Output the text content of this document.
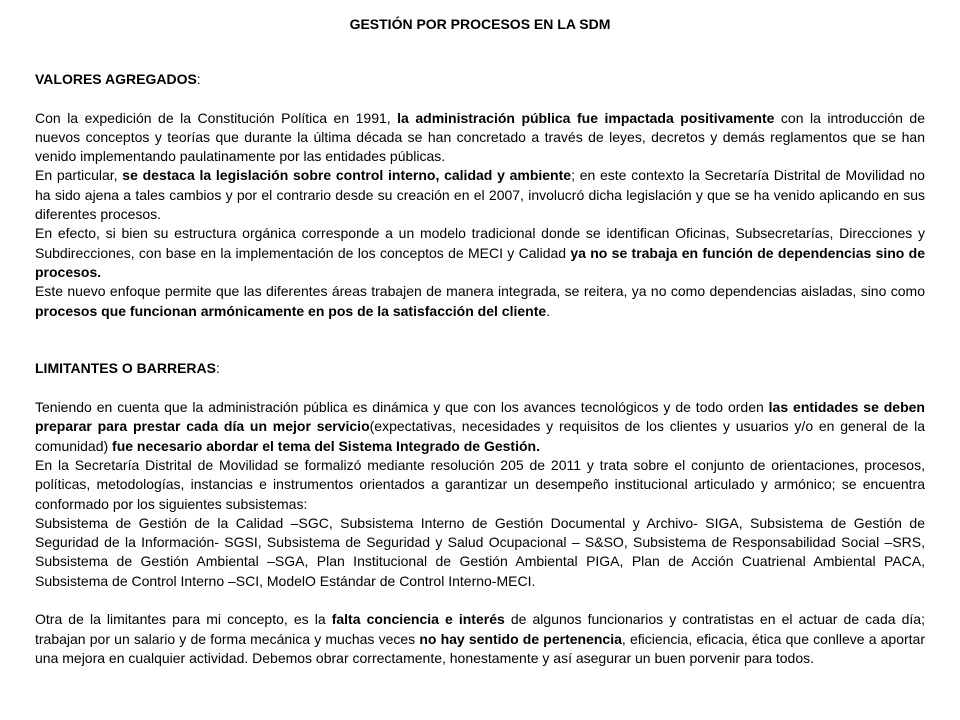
GESTIÓN POR PROCESOS EN LA SDM
VALORES AGREGADOS:

Con la expedición de la Constitución Política en 1991, la administración pública fue impactada positivamente con la introducción de nuevos conceptos y teorías que durante la última década se han concretado a través de leyes, decretos y demás reglamentos que se han venido implementando paulatinamente por las entidades públicas.

En particular, se destaca la legislación sobre control interno, calidad y ambiente; en este contexto la Secretaría Distrital de Movilidad no ha sido ajena a tales cambios y por el contrario desde su creación en el 2007, involucró dicha legislación y que se ha venido aplicando en sus diferentes procesos.

En efecto, si bien su estructura orgánica corresponde a un modelo tradicional donde se identifican Oficinas, Subsecretarías, Direcciones y Subdirecciones, con base en la implementación de los conceptos de MECI y Calidad ya no se trabaja en función de dependencias sino de procesos.

Este nuevo enfoque permite que las diferentes áreas trabajen de manera integrada, se reitera, ya no como dependencias aisladas, sino como procesos que funcionan armónicamente en pos de la satisfacción del cliente.

LIMITANTES O BARRERAS:

Teniendo en cuenta que la administración pública es dinámica y que con los avances tecnológicos y de todo orden las entidades se deben preparar para prestar cada día un mejor servicio(expectativas, necesidades y requisitos de los clientes y usuarios y/o en general de la comunidad) fue necesario abordar el tema del Sistema Integrado de Gestión.

En la Secretaría Distrital de Movilidad se formalizó mediante resolución 205 de 2011 y trata sobre el conjunto de orientaciones, procesos, políticas, metodologías, instancias e instrumentos orientados a garantizar un desempeño institucional articulado y armónico; se encuentra conformado por los siguientes subsistemas:

Subsistema de Gestión de la Calidad –SGC, Subsistema Interno de Gestión Documental y Archivo- SIGA, Subsistema de Gestión de Seguridad de la Información- SGSI, Subsistema de Seguridad y Salud Ocupacional – S&SO, Subsistema de Responsabilidad Social –SRS, Subsistema de Gestión Ambiental –SGA, Plan Institucional de Gestión Ambiental PIGA, Plan de Acción Cuatrienal Ambiental PACA, Subsistema de Control Interno –SCI, ModelO Estándar de Control Interno-MECI.

Otra de la limitantes para mi concepto, es la falta conciencia e interés de algunos funcionarios y contratistas en el actuar de cada día; trabajan por un salario y de forma mecánica y muchas veces no hay sentido de pertenencia, eficiencia, eficacia, ética que conlleve a aportar una mejora en cualquier actividad. Debemos obrar correctamente, honestamente y así asegurar un buen porvenir para todos.
